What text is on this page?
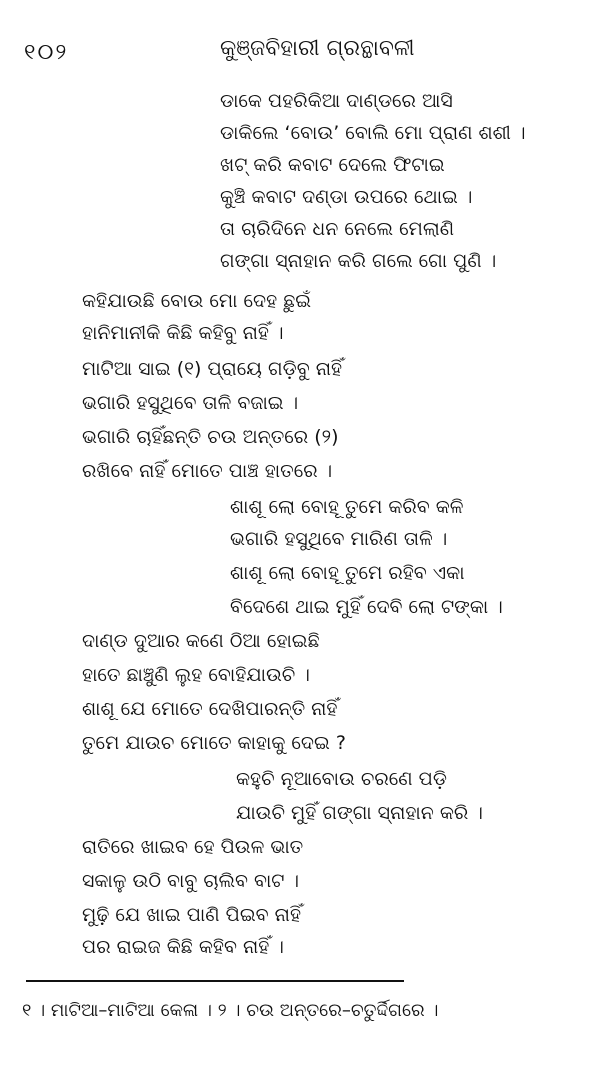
୧୦୨	କୁଞ୍ଜବିହାରୀ ଗ୍ରନ୍ଥାବଳୀ
ଡାକେ ପହରିକିଆ ଦାଣ୍ଡରେ ଆସି
ଡାକିଲେ ‘ବୋଉ’ ବୋଲି ମୋ ପ୍ରାଣ ଶଶୀ ।
ଖଟ୍ କରି କବାଟ ଦେଲେ ଫିଟାଇ
କୁଞ୍ଚି କବାଟ ଦଣ୍ଡା ଉପରେ ଥୋଇ ।
ତା ଚାରିଦିନେ ଧନ ନେଲେ ମେଲାଣି
ଗଙ୍ଗା ସ୍ନାହାନ କରି ଗଲେ ଗୋ ପୁଣି ।
କହିଯାଉଛି ବୋଉ ମୋ ଦେହ ଛୁଇଁ
ହାନିମାନୀକି କିଛି କହିବୁ ନାହିଁ ।
ମାଟିଆ ସାଇ (୧) ପ୍ରାୟେ ଗଡ଼ିବୁ ନାହିଁ
ଭଗାରି ହସୁଥିବେ ତାଳି ବଜାଇ ।
ଭଗାରି ଚାହିଁଛନ୍ତି ଚଉ ଅନ୍ତରେ (୨)
ରଖିବେ ନାହିଁ ମୋତେ ପାଞ୍ଚ ହାତରେ ।
ଶାଶୂ ଲୋ ବୋହୂ ତୁମେ କରିବ କଳି
ଭଗାରି ହସୁଥିବେ ମାରିଣ ତାଳି ।
ଶାଶୂ ଲୋ ବୋହୂ ତୁମେ ରହିବ ଏକା
ବିଦେଶେ ଥାଇ ମୁହିଁ ଦେବି ଲୋ ଟଙ୍କା ।
ଦାଣ୍ଡ ଦୁଆର କଣେ ଠିଆ ହୋଇଛି
ହାତେ ଛାଞ୍ଚୁଣି ଲୁହ ବୋହିଯାଉଚି ।
ଶାଶୂ ଯେ ମୋତେ ଦେଖିପାରନ୍ତି ନାହିଁ
ତୁମେ ଯାଉଚ ମୋତେ କାହାକୁ ଦେଇ ?
କହୁଚି ନୂଆବୋଉ ଚରଣେ ପଡ଼ି
ଯାଉଚି ମୁହିଁ ଗଙ୍ଗା ସ୍ନାହାନ କରି ।
ରାତିରେ ଖାଇବ ହେ ପିଉଳ ଭାତ
ସକାଳୁ ଉଠି ବାବୁ ଚାଲିବ ବାଟ ।
ମୁଢ଼ି ଯେ ଖାଇ ପାଣି ପିଇବ ନାହିଁ
ପର ରାଇଜ କିଛି କହିବ ନାହିଁ ।
୧ । ମାଟିଆ–ମାଟିଆ କେଳା । ୨ । ଚଉ ଅନ୍ତରେ–ଚତୁର୍ଦ୍ଦିଗରେ ।
